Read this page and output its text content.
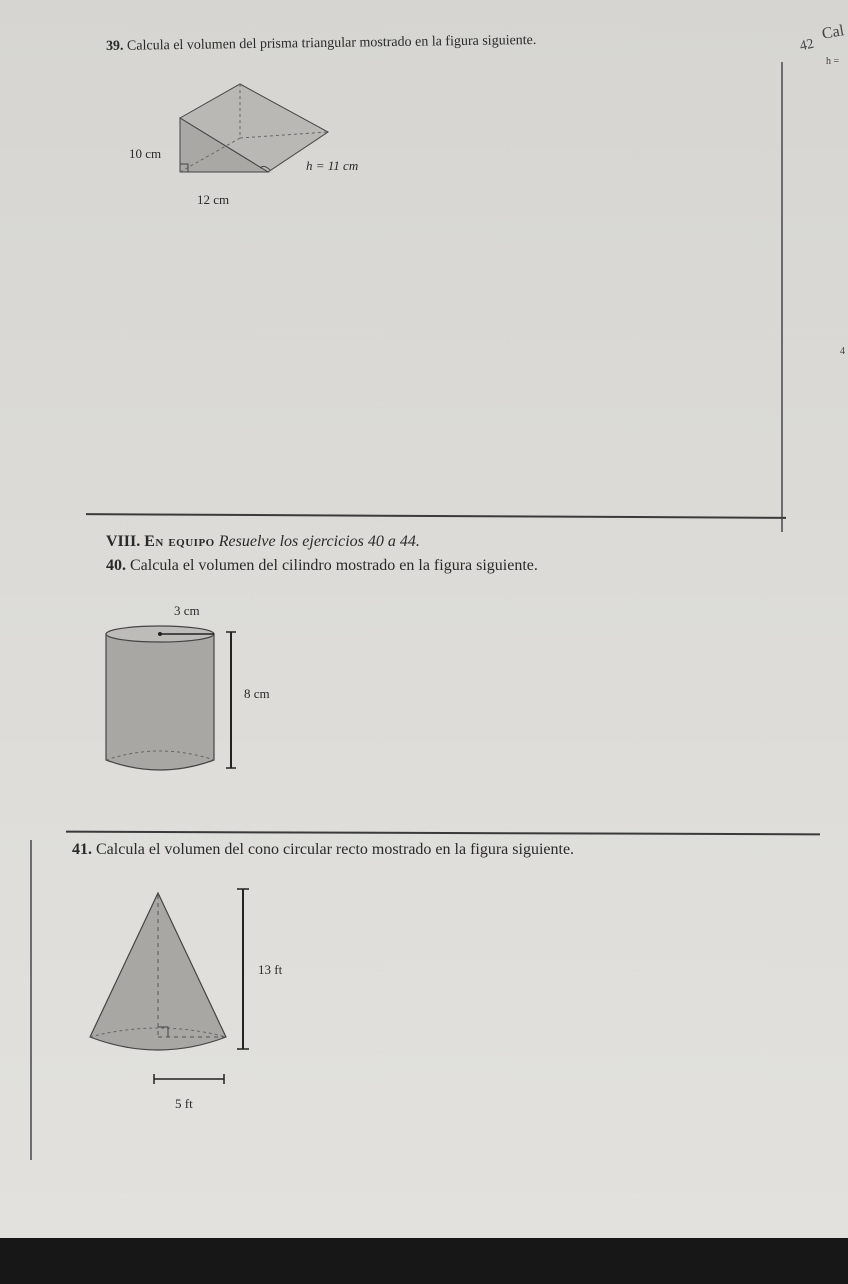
42
Cal
h =
4
39. Calcula el volumen del prisma triangular mostrado en la figura siguiente.
10 cm
12 cm
h = 11 cm
VIII. En equipo Resuelve los ejercicios 40 a 44.
40. Calcula el volumen del cilindro mostrado en la figura siguiente.
3 cm
8 cm
41. Calcula el volumen del cono circular recto mostrado en la figura siguiente.
13 ft
5 ft
